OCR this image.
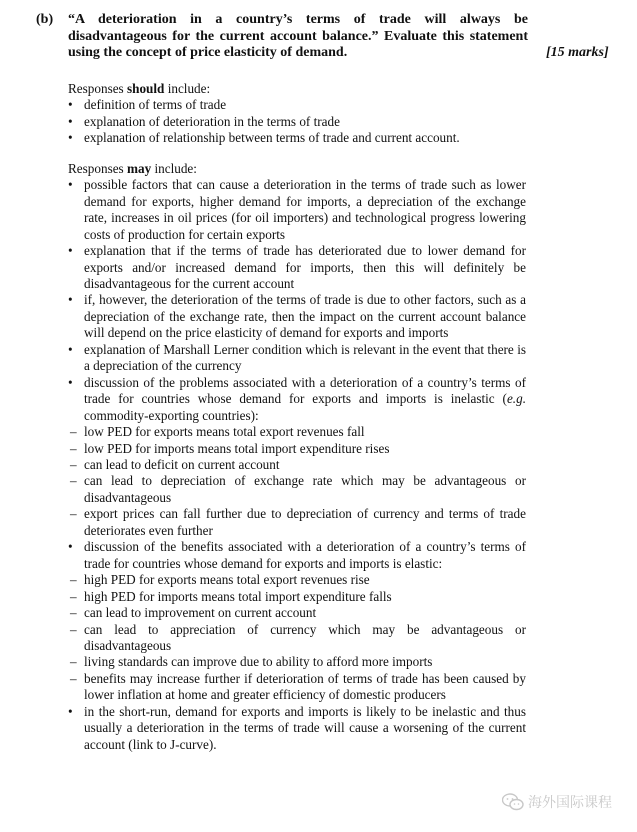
(b) “A deterioration in a country’s terms of trade will always be disadvantageous for the current account balance.” Evaluate this statement using the concept of price elasticity of demand.	[15 marks]

Responses should include:

• definition of terms of trade
• explanation of deterioration in the terms of trade
• explanation of relationship between terms of trade and current account.

Responses may include:

• possible factors that can cause a deterioration in the terms of trade such as lower demand for exports, higher demand for imports, a depreciation of the exchange rate, increases in oil prices (for oil importers) and technological progress lowering costs of production for certain exports
• explanation that if the terms of trade has deteriorated due to lower demand for exports and/or increased demand for imports, then this will definitely be disadvantageous for the current account
• if, however, the deterioration of the terms of trade is due to other factors, such as a depreciation of the exchange rate, then the impact on the current account balance will depend on the price elasticity of demand for exports and imports
• explanation of Marshall Lerner condition which is relevant in the event that there is a depreciation of the currency
• discussion of the problems associated with a deterioration of a country’s terms of trade for countries whose demand for exports and imports is inelastic (e.g. commodity-exporting countries):
– low PED for exports means total export revenues fall
– low PED for imports means total import expenditure rises
– can lead to deficit on current account
– can lead to depreciation of exchange rate which may be advantageous or disadvantageous
– export prices can fall further due to depreciation of currency and terms of trade deteriorates even further
• discussion of the benefits associated with a deterioration of a country’s terms of trade for countries whose demand for exports and imports is elastic:
– high PED for exports means total export revenues rise
– high PED for imports means total import expenditure falls
– can lead to improvement on current account
– can lead to appreciation of currency which may be advantageous or disadvantageous
– living standards can improve due to ability to afford more imports
– benefits may increase further if deterioration of terms of trade has been caused by lower inflation at home and greater efficiency of domestic producers
• in the short-run, demand for exports and imports is likely to be inelastic and thus usually a deterioration in the terms of trade will cause a worsening of the current account (link to J-curve).
海外国际课程
